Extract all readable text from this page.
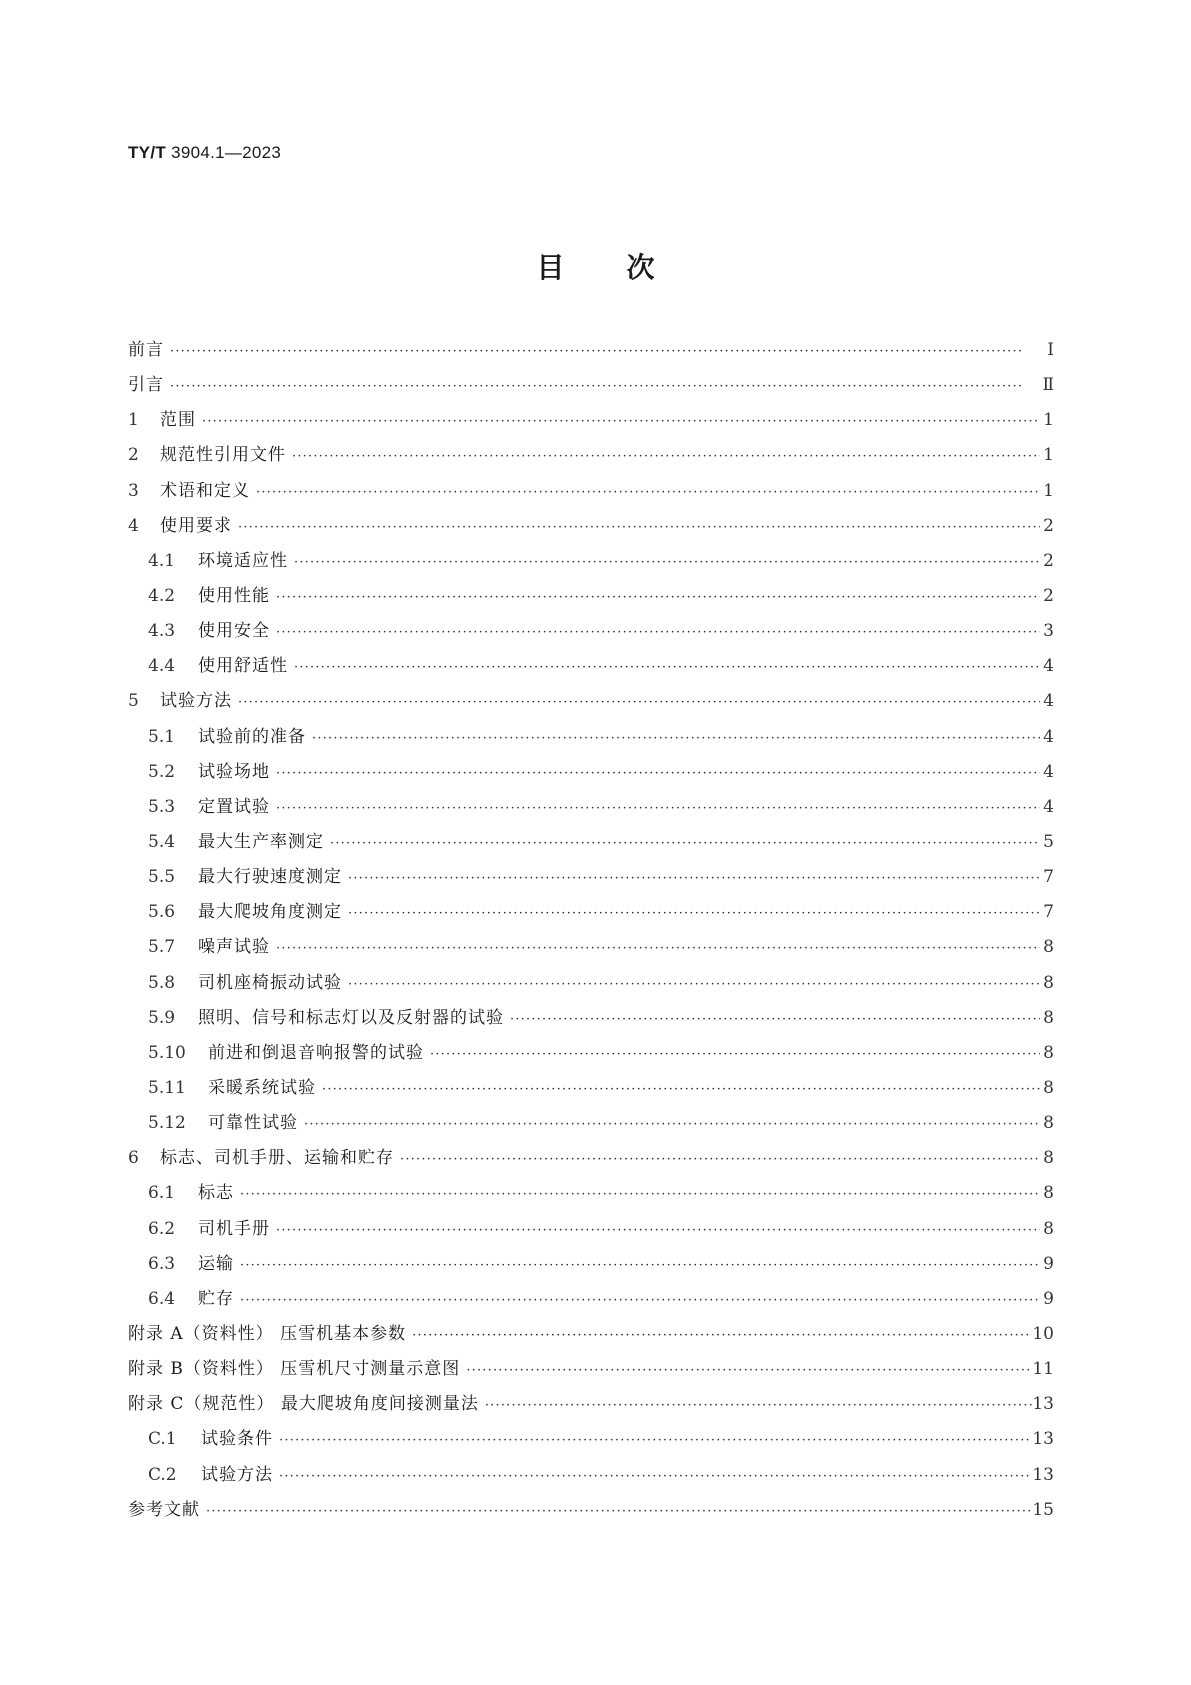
TY/T 3904.1—2023
目次
前言 ·····	Ⅰ
引言 ·····	Ⅱ
1	范围 ·····	1
2	规范性引用文件 ·····	1
3	术语和定义 ·····	1
4	使用要求 ·····	2
4.1	环境适应性 ·····	2
4.2	使用性能 ·····	2
4.3	使用安全 ·····	3
4.4	使用舒适性 ·····	4
5	试验方法 ·····	4
5.1	试验前的准备 ·····	4
5.2	试验场地 ·····	4
5.3	定置试验 ·····	4
5.4	最大生产率测定 ·····	5
5.5	最大行驶速度测定 ·····	7
5.6	最大爬坡角度测定 ·····	7
5.7	噪声试验 ·····	8
5.8	司机座椅振动试验 ·····	8
5.9	照明、信号和标志灯以及反射器的试验 ·····	8
5.10	前进和倒退音响报警的试验 ·····	8
5.11	采暖系统试验 ·····	8
5.12	可靠性试验 ·····	8
6	标志、司机手册、运输和贮存 ·····	8
6.1	标志 ·····	8
6.2	司机手册 ·····	8
6.3	运输 ·····	9
6.4	贮存 ·····	9
附录 A（资料性） 压雪机基本参数 ·····	10
附录 B（资料性） 压雪机尺寸测量示意图 ·····	11
附录 C（规范性） 最大爬坡角度间接测量法 ·····	13
C.1	试验条件 ·····	13
C.2	试验方法 ·····	13
参考文献 ·····	15
